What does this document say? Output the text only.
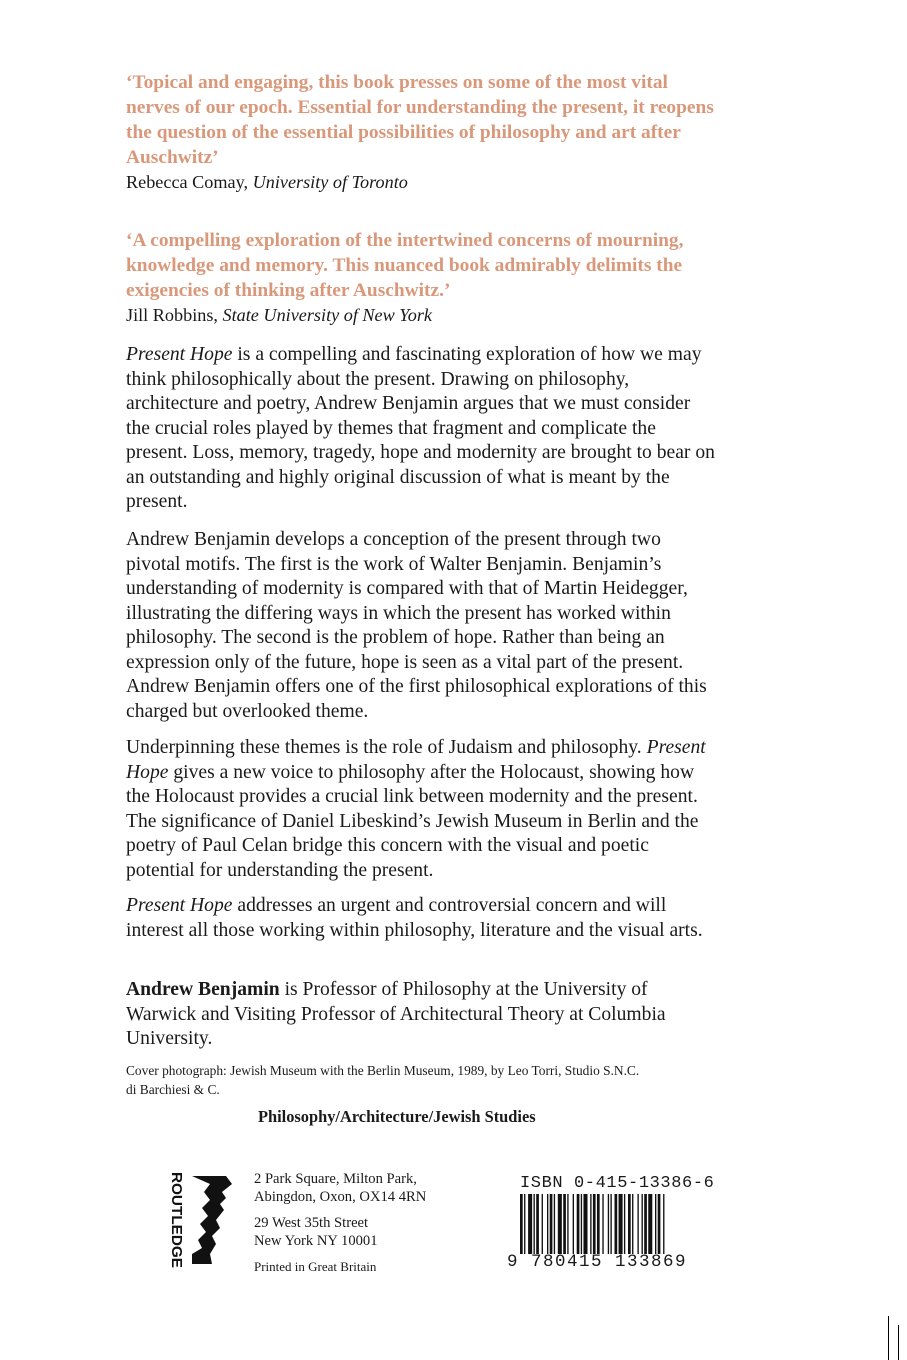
‘Topical and engaging, this book presses on some of the most vital nerves of our epoch. Essential for understanding the present, it reopens the question of the essential possibilities of philosophy and art after Auschwitz’
Rebecca Comay, University of Toronto
‘A compelling exploration of the intertwined concerns of mourning, knowledge and memory. This nuanced book admirably delimits the exigencies of thinking after Auschwitz.’
Jill Robbins, State University of New York

Present Hope is a compelling and fascinating exploration of how we may think philosophically about the present. Drawing on philosophy, architecture and poetry, Andrew Benjamin argues that we must consider the crucial roles played by themes that fragment and complicate the present. Loss, memory, tragedy, hope and modernity are brought to bear on an outstanding and highly original discussion of what is meant by the present.

Andrew Benjamin develops a conception of the present through two pivotal motifs. The first is the work of Walter Benjamin. Benjamin’s understanding of modernity is compared with that of Martin Heidegger, illustrating the differing ways in which the present has worked within philosophy. The second is the problem of hope. Rather than being an expression only of the future, hope is seen as a vital part of the present. Andrew Benjamin offers one of the first philosophical explorations of this charged but overlooked theme.

Underpinning these themes is the role of Judaism and philosophy. Present Hope gives a new voice to philosophy after the Holocaust, showing how the Holocaust provides a crucial link between modernity and the present. The significance of Daniel Libeskind’s Jewish Museum in Berlin and the poetry of Paul Celan bridge this concern with the visual and poetic potential for understanding the present.

Present Hope addresses an urgent and controversial concern and will interest all those working within philosophy, literature and the visual arts.

Andrew Benjamin is Professor of Philosophy at the University of Warwick and Visiting Professor of Architectural Theory at Columbia University.

Cover photograph: Jewish Museum with the Berlin Museum, 1989, by Leo Torri, Studio S.N.C. di Barchiesi & C.
Philosophy/Architecture/Jewish Studies
ROUTLEDGE	2 Park Square, Milton Park,
Abingdon, Oxon, OX14 4RN
29 West 35th Street
New York NY 10001
Printed in Great Britain
ISBN 0-415-13386-6
9 780415 133869
